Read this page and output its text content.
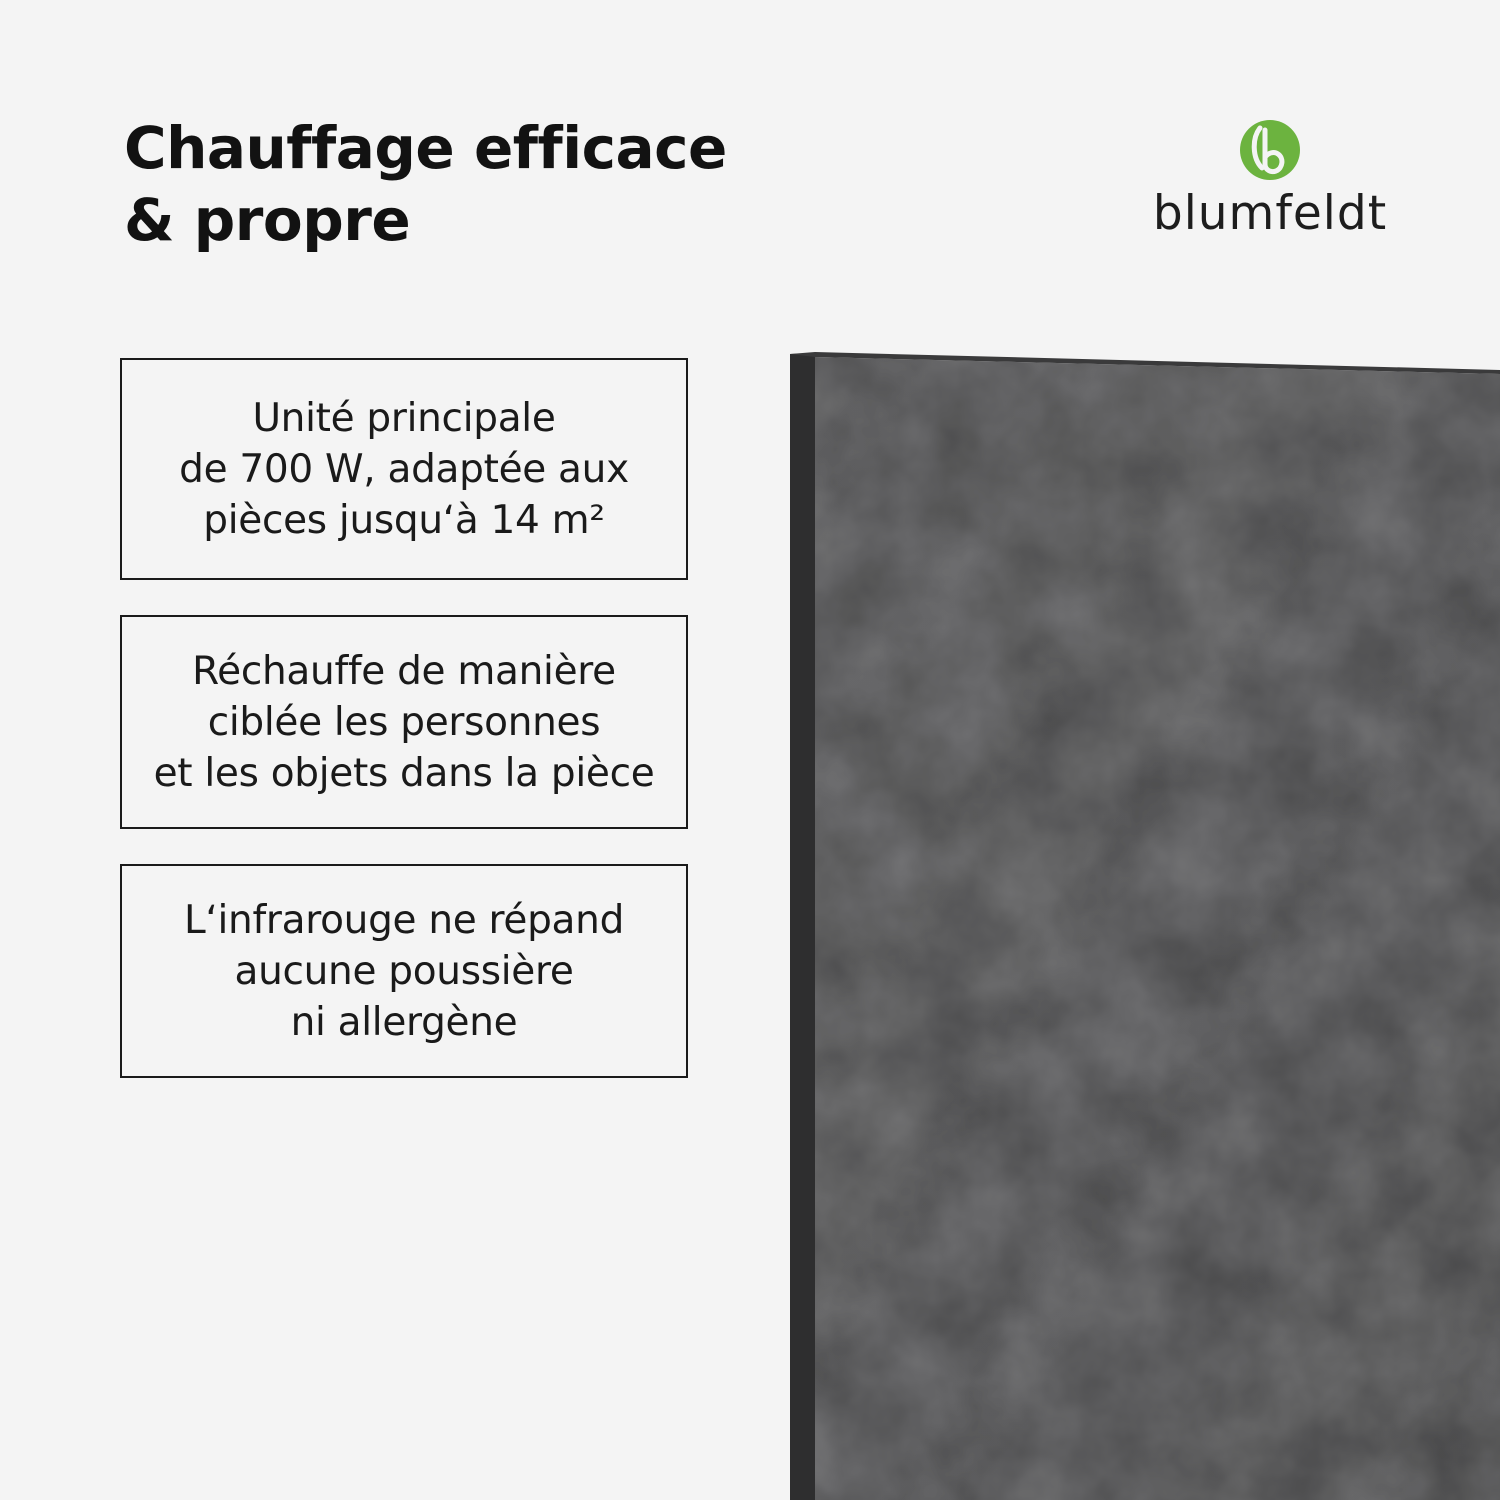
Chauffage efficace
& propre	blumfeldt
Unité principale
de 700 W, adaptée aux
pièces jusqu‘à 14 m²
Réchauffe de manière
ciblée les personnes
et les objets dans la pièce
L‘infrarouge ne répand
aucune poussière
ni allergène
